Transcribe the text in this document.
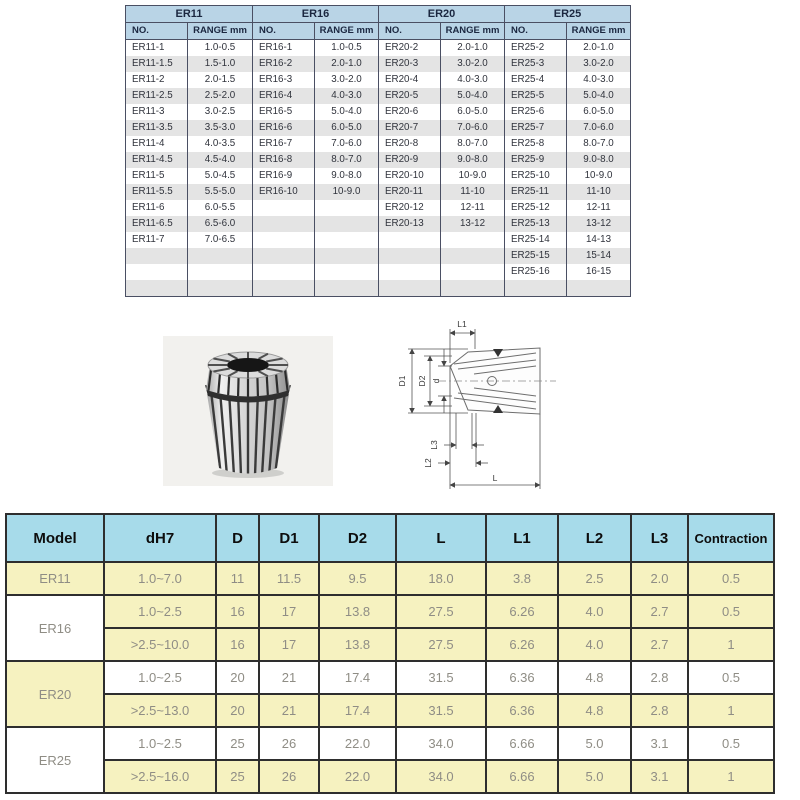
ER11
NO.	RANGE mm
ER11-1	1.0-0.5
ER11-1.5	1.5-1.0
ER11-2	2.0-1.5
ER11-2.5	2.5-2.0
ER11-3	3.0-2.5
ER11-3.5	3.5-3.0
ER11-4	4.0-3.5
ER11-4.5	4.5-4.0
ER11-5	5.0-4.5
ER11-5.5	5.5-5.0
ER11-6	6.0-5.5
ER11-6.5	6.5-6.0
ER11-7	7.0-6.5
ER16
NO.	RANGE mm
ER16-1	1.0-0.5
ER16-2	2.0-1.0
ER16-3	3.0-2.0
ER16-4	4.0-3.0
ER16-5	5.0-4.0
ER16-6	6.0-5.0
ER16-7	7.0-6.0
ER16-8	8.0-7.0
ER16-9	9.0-8.0
ER16-10	10-9.0
ER20
NO.	RANGE mm
ER20-2	2.0-1.0
ER20-3	3.0-2.0
ER20-4	4.0-3.0
ER20-5	5.0-4.0
ER20-6	6.0-5.0
ER20-7	7.0-6.0
ER20-8	8.0-7.0
ER20-9	9.0-8.0
ER20-10	10-9.0
ER20-11	11-10
ER20-12	12-11
ER20-13	13-12
ER25
NO.	RANGE mm
ER25-2	2.0-1.0
ER25-3	3.0-2.0
ER25-4	4.0-3.0
ER25-5	5.0-4.0
ER25-6	6.0-5.0
ER25-7	7.0-6.0
ER25-8	8.0-7.0
ER25-9	9.0-8.0
ER25-10	10-9.0
ER25-11	11-10
ER25-12	12-11
ER25-13	13-12
ER25-14	14-13
ER25-15	15-14
ER25-16	16-15
L1
D1 D2 d
L3
L2
L
Model	dH7	D	D1	D2	L	L1	L2	L3	Contraction
ER11	1.0~7.0	11	11.5	9.5	18.0	3.8	2.5	2.0	0.5
ER16	1.0~2.5	16	17	13.8	27.5	6.26	4.0	2.7	0.5
	>2.5~10.0	16	17	13.8	27.5	6.26	4.0	2.7	1
ER20	1.0~2.5	20	21	17.4	31.5	6.36	4.8	2.8	0.5
	>2.5~13.0	20	21	17.4	31.5	6.36	4.8	2.8	1
ER25	1.0~2.5	25	26	22.0	34.0	6.66	5.0	3.1	0.5
	>2.5~16.0	25	26	22.0	34.0	6.66	5.0	3.1	1
